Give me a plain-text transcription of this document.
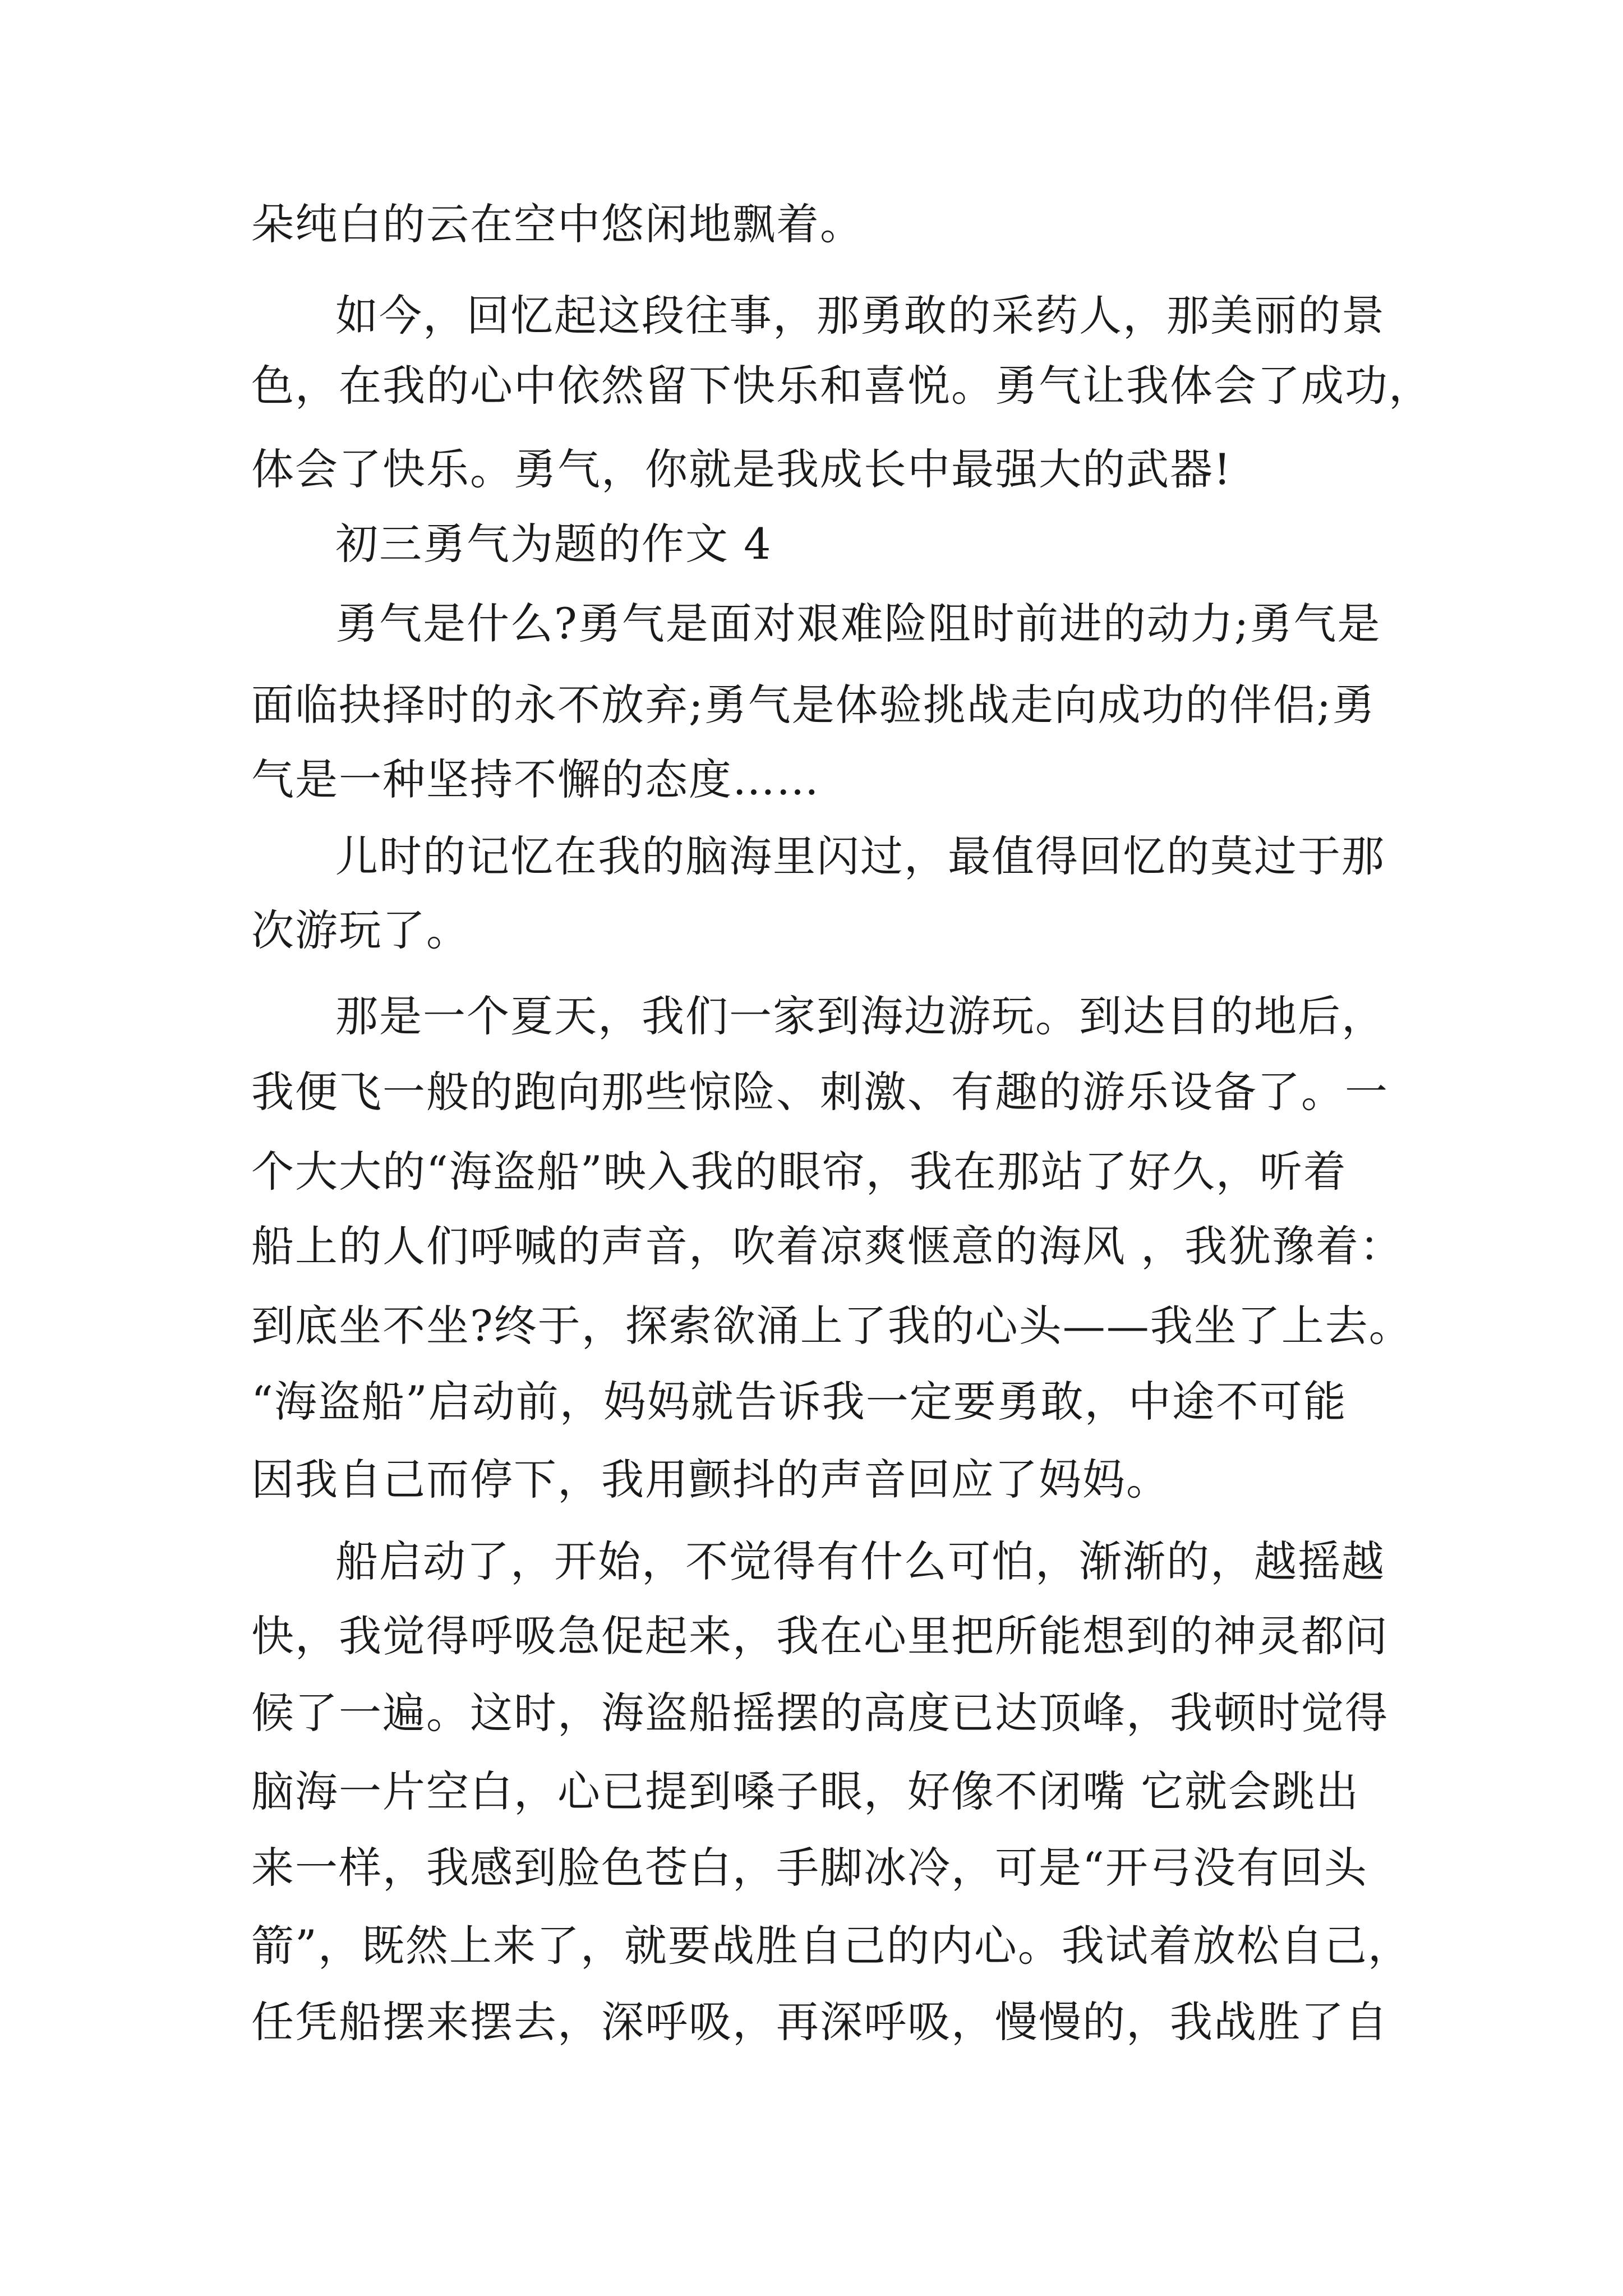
朵纯白的云在空中悠闲地飘着。
如今，回忆起这段往事，那勇敢的采药人，那美丽的景
色，在我的心中依然留下快乐和喜悦。勇气让我体会了成功，
体会了快乐。勇气，你就是我成长中最强大的武器!
初三勇气为题的作文 4
勇气是什么?勇气是面对艰难险阻时前进的动力;勇气是
面临抉择时的永不放弃;勇气是体验挑战走向成功的伴侣;勇
气是一种坚持不懈的态度……
儿时的记忆在我的脑海里闪过，最值得回忆的莫过于那
次游玩了。
那是一个夏天，我们一家到海边游玩。到达目的地后，
我便飞一般的跑向那些惊险、刺激、有趣的游乐设备了。一
个大大的“海盗船”映入我的眼帘，我在那站了好久，听着
船上的人们呼喊的声音，吹着凉爽惬意的海风 ，我犹豫着：
到底坐不坐?终于，探索欲涌上了我的心头——我坐了上去。
“海盗船”启动前，妈妈就告诉我一定要勇敢，中途不可能
因我自己而停下，我用颤抖的声音回应了妈妈。
船启动了，开始，不觉得有什么可怕，渐渐的，越摇越
快，我觉得呼吸急促起来，我在心里把所能想到的神灵都问
候了一遍。这时，海盗船摇摆的高度已达顶峰，我顿时觉得
脑海一片空白，心已提到嗓子眼，好像不闭嘴 它就会跳出
来一样，我感到脸色苍白，手脚冰冷，可是“开弓没有回头
箭”，既然上来了，就要战胜自己的内心。我试着放松自己，
任凭船摆来摆去，深呼吸，再深呼吸，慢慢的，我战胜了自
